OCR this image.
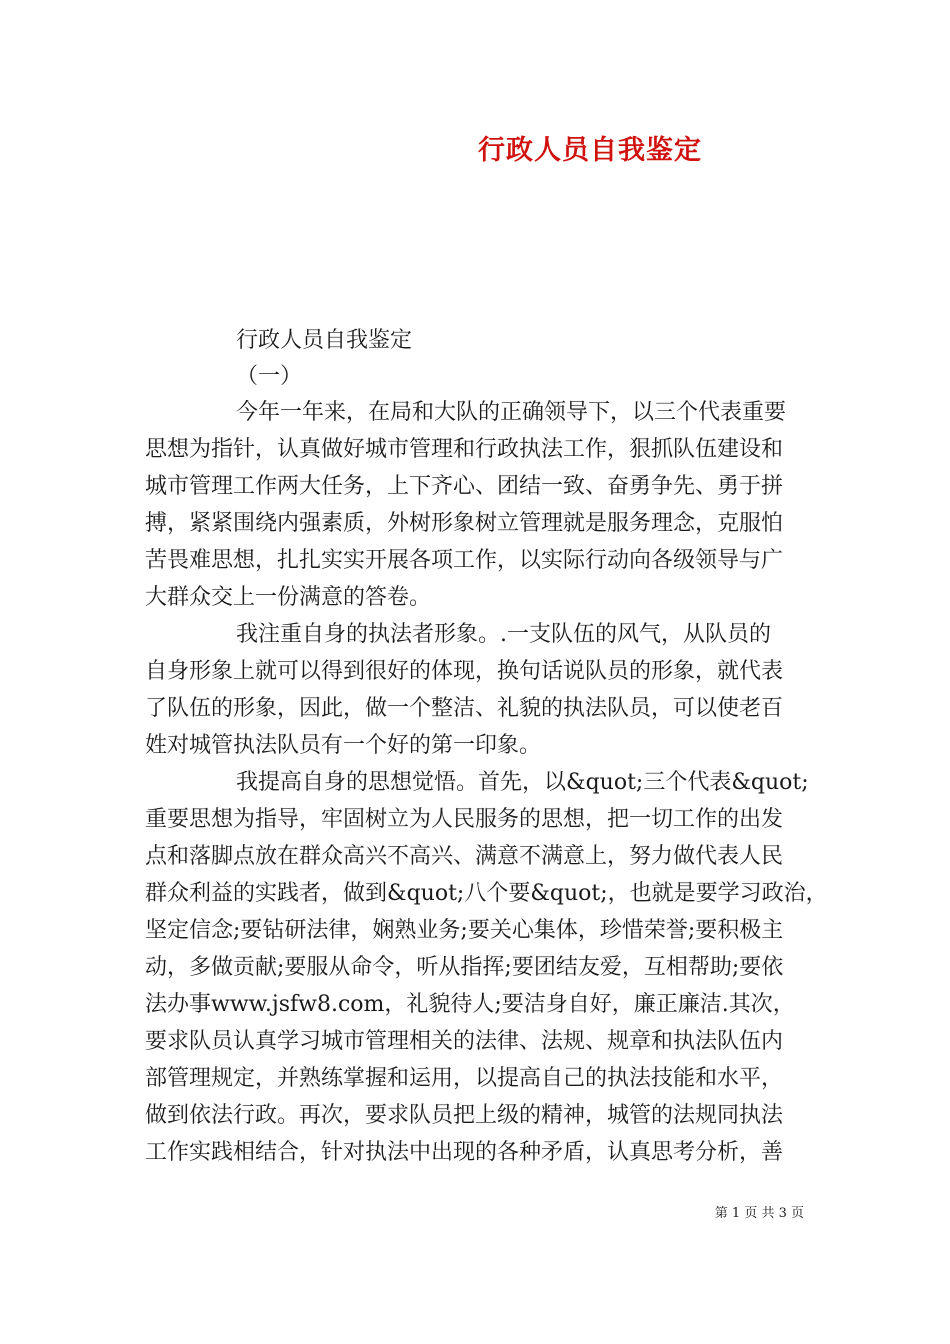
行政人员自我鉴定
行政人员自我鉴定
（一）
今年一年来，在局和大队的正确领导下，以三个代表重要
思想为指针，认真做好城市管理和行政执法工作，狠抓队伍建设和
城市管理工作两大任务，上下齐心、团结一致、奋勇争先、勇于拼
搏，紧紧围绕内强素质，外树形象树立管理就是服务理念，克服怕
苦畏难思想，扎扎实实开展各项工作，以实际行动向各级领导与广
大群众交上一份满意的答卷。
我注重自身的执法者形象。.一支队伍的风气，从队员的
自身形象上就可以得到很好的体现，换句话说队员的形象，就代表
了队伍的形象，因此，做一个整洁、礼貌的执法队员，可以使老百
姓对城管执法队员有一个好的第一印象。
我提高自身的思想觉悟。首先，以&quot;三个代表&quot;
重要思想为指导，牢固树立为人民服务的思想，把一切工作的出发
点和落脚点放在群众高兴不高兴、满意不满意上，努力做代表人民
群众利益的实践者，做到&quot;八个要&quot;，也就是要学习政治，
坚定信念;要钻研法律，娴熟业务;要关心集体，珍惜荣誉;要积极主
动，多做贡献;要服从命令，听从指挥;要团结友爱，互相帮助;要依
法办事www.jsfw8.com，礼貌待人;要洁身自好，廉正廉洁.其次，
要求队员认真学习城市管理相关的法律、法规、规章和执法队伍内
部管理规定，并熟练掌握和运用，以提高自己的执法技能和水平，
做到依法行政。再次，要求队员把上级的精神，城管的法规同执法
工作实践相结合，针对执法中出现的各种矛盾，认真思考分析，善
第 1 页 共 3 页
